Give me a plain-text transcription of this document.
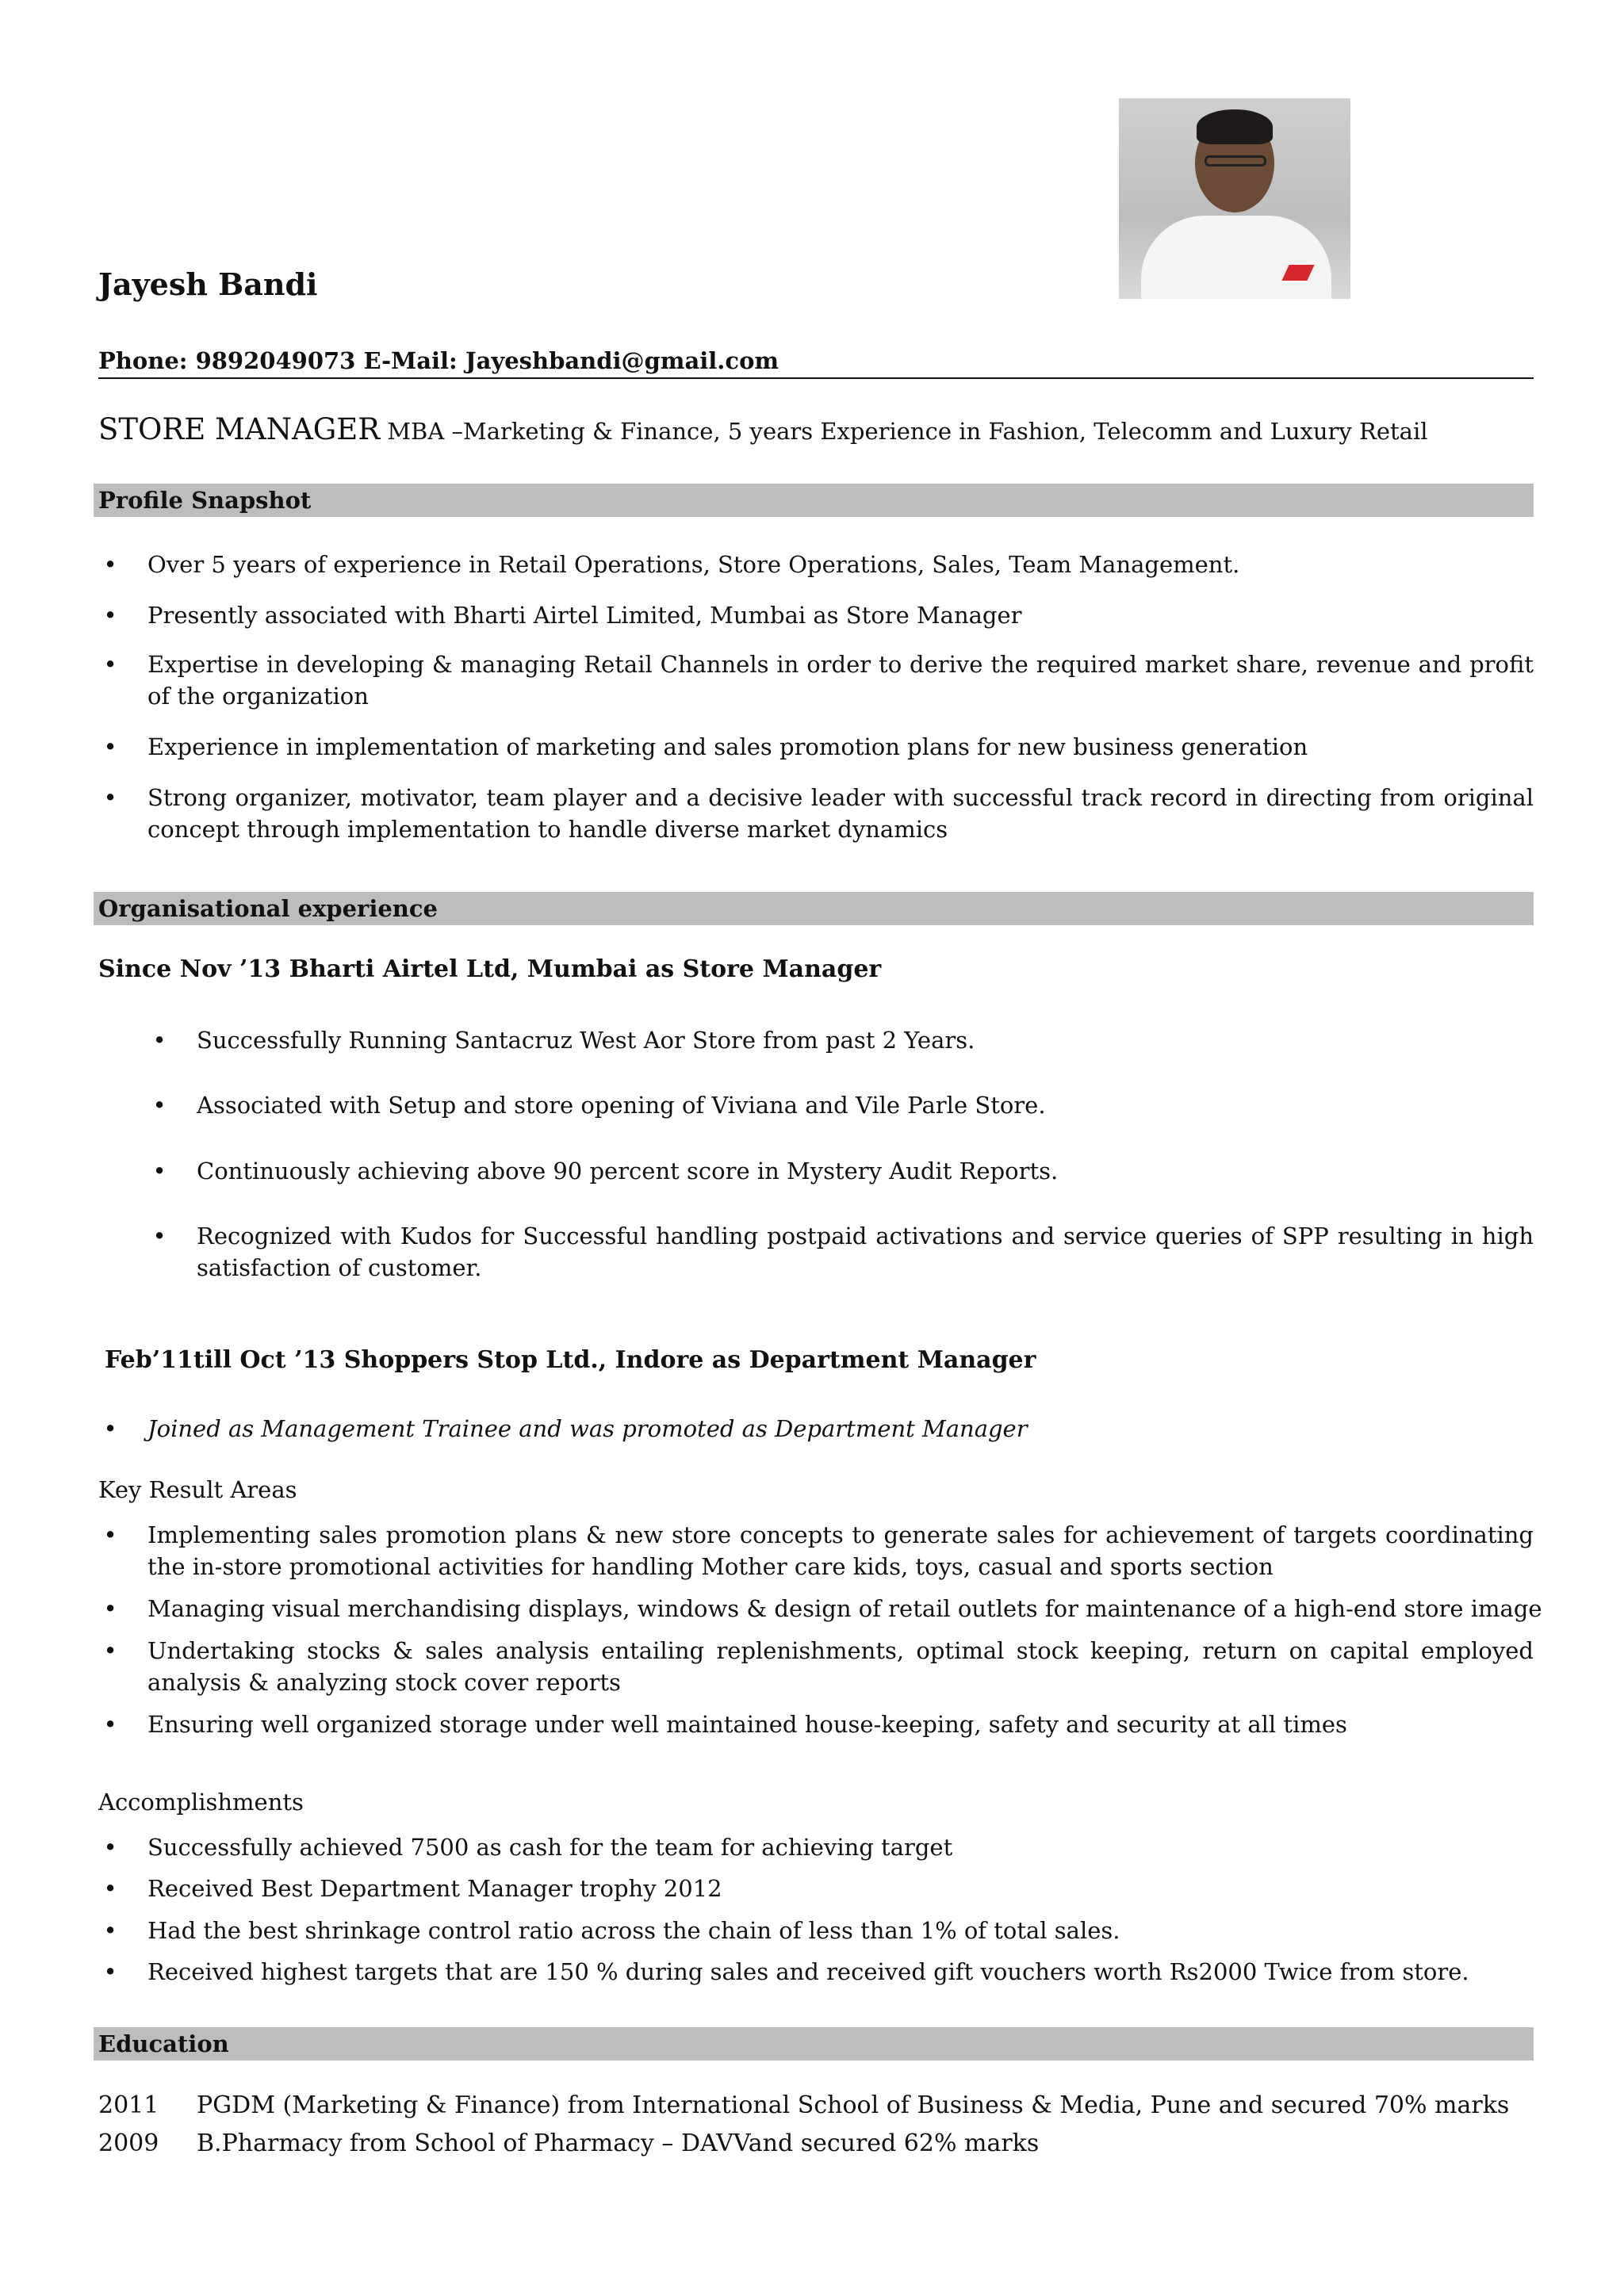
Jayesh Bandi
Phone: 9892049073 E-Mail: Jayeshbandi@gmail.com
STORE MANAGER MBA –Marketing & Finance, 5 years Experience in Fashion, Telecomm and Luxury Retail
Profile Snapshot
• Over 5 years of experience in Retail Operations, Store Operations, Sales, Team Management.
• Presently associated with Bharti Airtel Limited, Mumbai as Store Manager
• Expertise in developing & managing Retail Channels in order to derive the required market share, revenue and profit of the organization
• Experience in implementation of marketing and sales promotion plans for new business generation
• Strong organizer, motivator, team player and a decisive leader with successful track record in directing from original concept through implementation to handle diverse market dynamics
Organisational experience
Since Nov ’13 Bharti Airtel Ltd, Mumbai as Store Manager
• Successfully Running Santacruz West Aor Store from past 2 Years.
• Associated with Setup and store opening of Viviana and Vile Parle Store.
• Continuously achieving above 90 percent score in Mystery Audit Reports.
• Recognized with Kudos for Successful handling postpaid activations and service queries of SPP resulting in high satisfaction of customer.
Feb’11till Oct ’13 Shoppers Stop Ltd., Indore as Department Manager
• Joined as Management Trainee and was promoted as Department Manager
Key Result Areas
• Implementing sales promotion plans & new store concepts to generate sales for achievement of targets coordinating the in-store promotional activities for handling Mother care kids, toys, casual and sports section
• Managing visual merchandising displays, windows & design of retail outlets for maintenance of a high-end store image
• Undertaking stocks & sales analysis entailing replenishments, optimal stock keeping, return on capital employed analysis & analyzing stock cover reports
• Ensuring well organized storage under well maintained house-keeping, safety and security at all times
Accomplishments
• Successfully achieved 7500 as cash for the team for achieving target
• Received Best Department Manager trophy 2012
• Had the best shrinkage control ratio across the chain of less than 1% of total sales.
• Received highest targets that are 150 % during sales and received gift vouchers worth Rs2000 Twice from store.
Education
2011 PGDM (Marketing & Finance) from International School of Business & Media, Pune and secured 70% marks
2009 B.Pharmacy from School of Pharmacy – DAVVand secured 62% marks
